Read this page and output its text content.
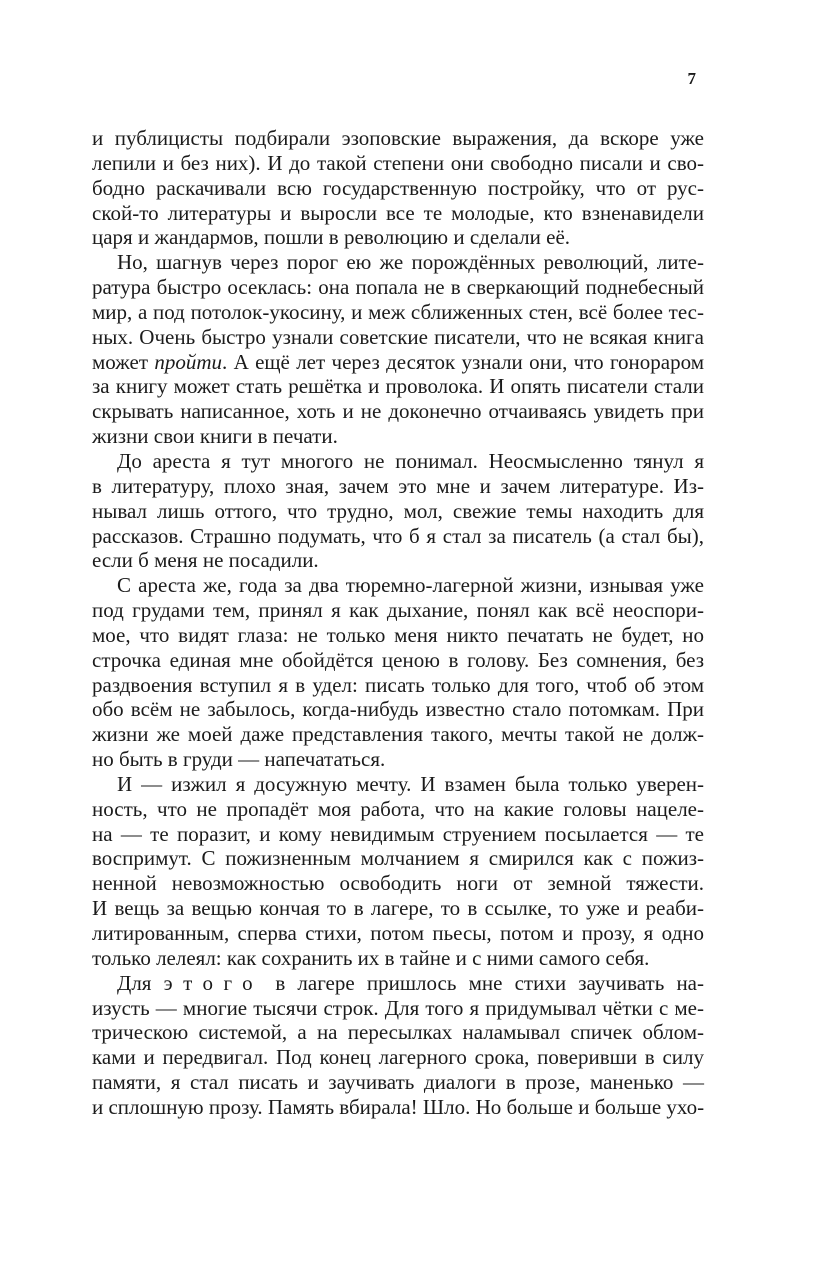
7
и публицисты подбирали эзоповские выражения, да вскоре уже
лепили и без них). И до такой степени они свободно писали и сво-
бодно раскачивали всю государственную постройку, что от рус-
ской-то литературы и выросли все те молодые, кто взненавидели
царя и жандармов, пошли в революцию и сделали её.
Но, шагнув через порог ею же порождённых революций, лите-
ратура быстро осеклась: она попала не в сверкающий поднебесный
мир, а под потолок-укосину, и меж сближенных стен, всё более тес-
ных. Очень быстро узнали советские писатели, что не всякая книга
может пройти. А ещё лет через десяток узнали они, что гонораром
за книгу может стать решётка и проволока. И опять писатели стали
скрывать написанное, хоть и не доконечно отчаиваясь увидеть при
жизни свои книги в печати.
До ареста я тут многого не понимал. Неосмысленно тянул я
в литературу, плохо зная, зачем это мне и зачем литературе. Из-
нывал лишь оттого, что трудно, мол, свежие темы находить для
рассказов. Страшно подумать, что б я стал за писатель (а стал бы),
если б меня не посадили.
С ареста же, года за два тюремно-лагерной жизни, изнывая уже
под грудами тем, принял я как дыхание, понял как всё неоспори-
мое, что видят глаза: не только меня никто печатать не будет, но
строчка единая мне обойдётся ценою в голову. Без сомнения, без
раздвоения вступил я в удел: писать только для того, чтоб об этом
обо всём не забылось, когда-нибудь известно стало потомкам. При
жизни же моей даже представления такого, мечты такой не долж-
но быть в груди — напечататься.
И — изжил я досужную мечту. И взамен была только уверен-
ность, что не пропадёт моя работа, что на какие головы нацеле-
на — те поразит, и кому невидимым струением посылается — те
воспримут. С пожизненным молчанием я смирился как с пожиз-
ненной невозможностью освободить ноги от земной тяжести.
И вещь за вещью кончая то в лагере, то в ссылке, то уже и реаби-
литированным, сперва стихи, потом пьесы, потом и прозу, я одно
только лелеял: как сохранить их в тайне и с ними самого себя.
Для этого в лагере пришлось мне стихи заучивать на-
изусть — многие тысячи строк. Для того я придумывал чётки с ме-
трическою системой, а на пересылках наламывал спичек облом-
ками и передвигал. Под конец лагерного срока, поверивши в силу
памяти, я стал писать и заучивать диалоги в прозе, маненько —
и сплошную прозу. Память вбирала! Шло. Но больше и больше ухо-
